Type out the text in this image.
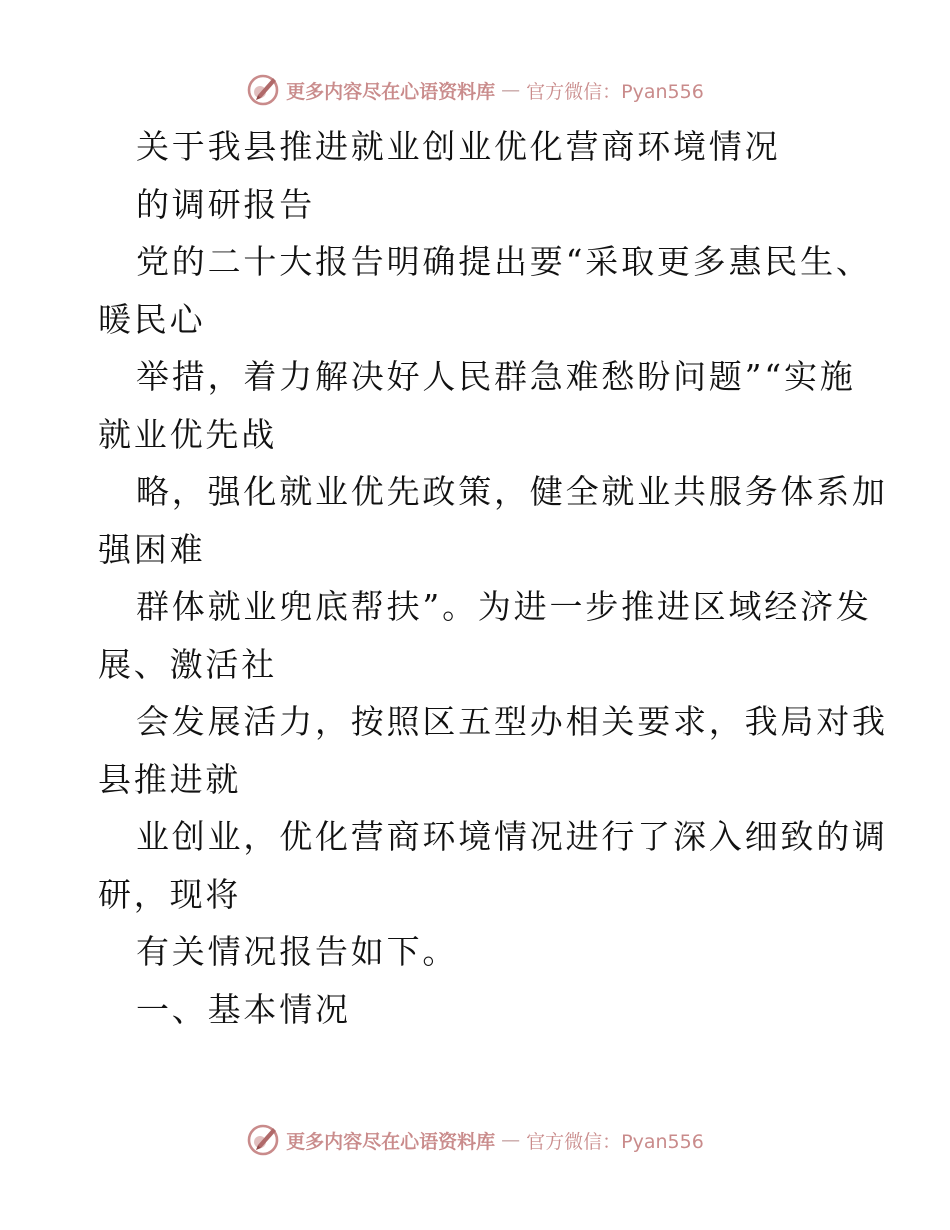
更多内容尽在心语资料库 — 官方微信：Pyan556
关于我县推进就业创业优化营商环境情况
的调研报告
党的二十大报告明确提出要“采取更多惠民生、
暖民心
举措，着力解决好人民群急难愁盼问题”“实施
就业优先战
略，强化就业优先政策，健全就业共服务体系加
强困难
群体就业兜底帮扶”。为进一步推进区域经济发
展、激活社
会发展活力，按照区五型办相关要求，我局对我
县推进就
业创业，优化营商环境情况进行了深入细致的调
研，现将
有关情况报告如下。
一、基本情况
更多内容尽在心语资料库 — 官方微信：Pyan556
